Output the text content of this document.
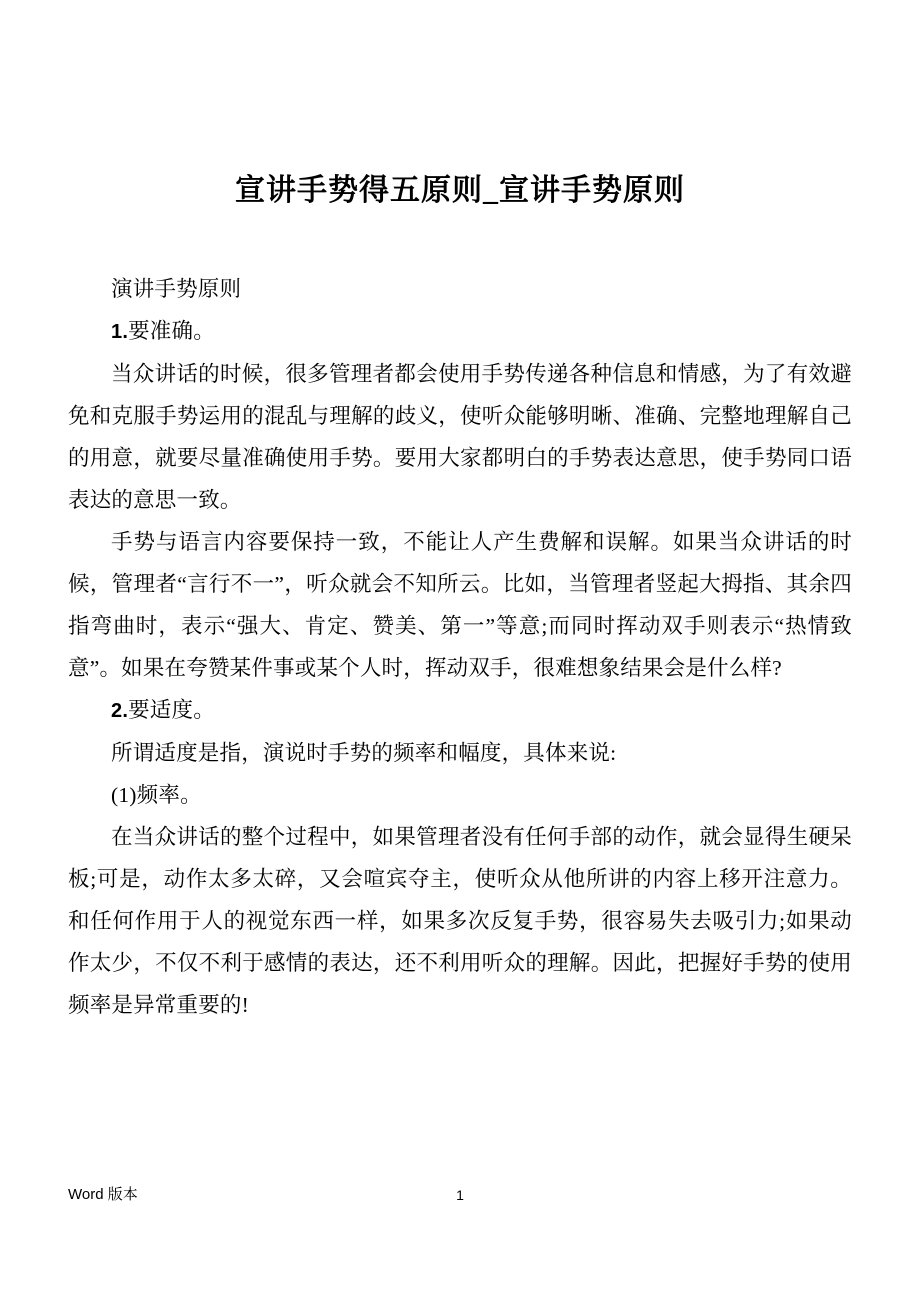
宣讲手势得五原则_宣讲手势原则

演讲手势原则

1.要准确。

当众讲话的时候，很多管理者都会使用手势传递各种信息和情感，为了有效避免和克服手势运用的混乱与理解的歧义，使听众能够明晰、准确、完整地理解自己的用意，就要尽量准确使用手势。要用大家都明白的手势表达意思，使手势同口语表达的意思一致。

手势与语言内容要保持一致，不能让人产生费解和误解。如果当众讲话的时候，管理者“言行不一”，听众就会不知所云。比如，当管理者竖起大拇指、其余四指弯曲时，表示“强大、肯定、赞美、第一”等意;而同时挥动双手则表示“热情致意”。如果在夸赞某件事或某个人时，挥动双手，很难想象结果会是什么样?

2.要适度。

所谓适度是指，演说时手势的频率和幅度，具体来说:

(1)频率。

在当众讲话的整个过程中，如果管理者没有任何手部的动作，就会显得生硬呆板;可是，动作太多太碎，又会喧宾夺主，使听众从他所讲的内容上移开注意力。和任何作用于人的视觉东西一样，如果多次反复手势，很容易失去吸引力;如果动作太少，不仅不利于感情的表达，还不利用听众的理解。因此，把握好手势的使用频率是异常重要的!

Word 版本	1
